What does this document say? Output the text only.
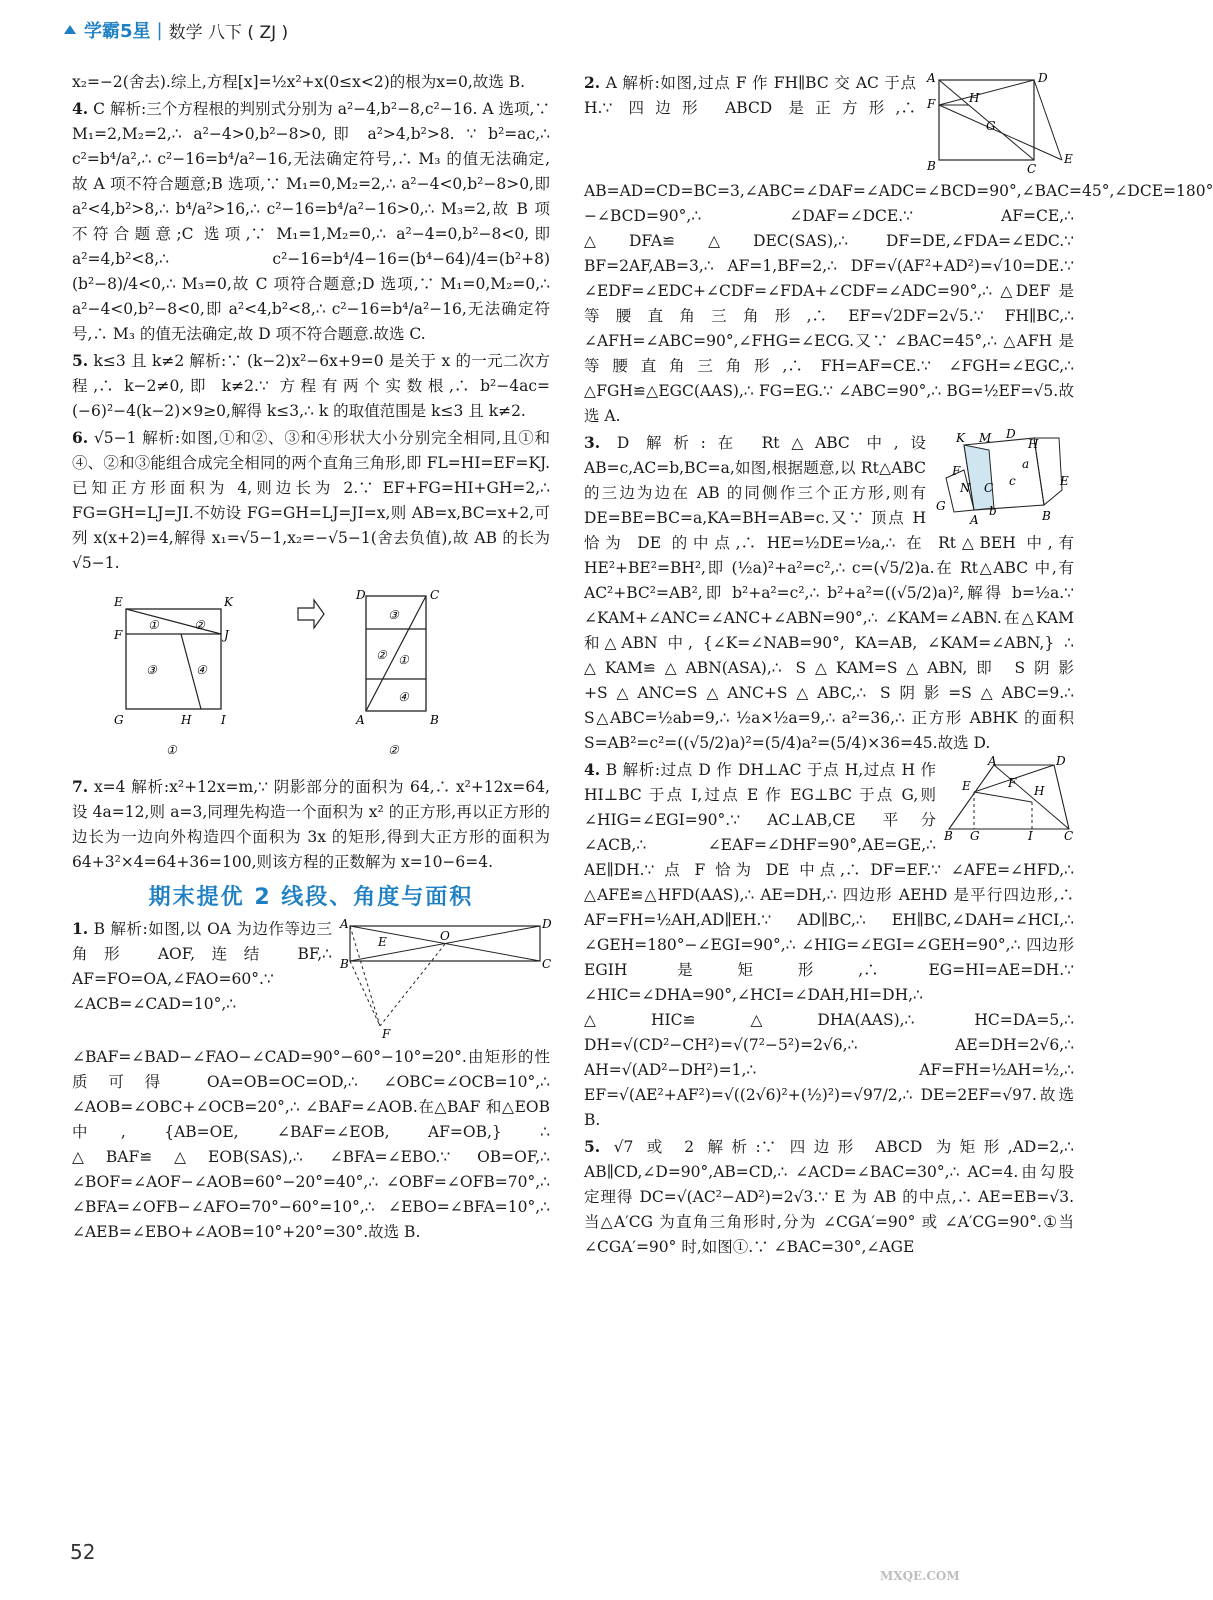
学霸5星 | 数学 八下 ( ZJ )

x₂=−2(舍去).综上,方程[x]=½x²+x(0≤x<2)的根为x=0,故选 B.

4. C 解析:三个方程根的判别式分别为 a²−4,b²−8,c²−16. A 选项,∵ M₁=2,M₂=2,∴ a²−4>0,b²−8>0,即 a²>4,b²>8. ∵ b²=ac,∴ c²=b⁴/a²,∴ c²−16=b⁴/a²−16,无法确定符号,∴ M₃ 的值无法确定,故 A 项不符合题意;B 选项,∵ M₁=0,M₂=2,∴ a²−4<0,b²−8>0,即 a²<4,b²>8,∴ b⁴/a²>16,∴ c²−16=b⁴/a²−16>0,∴ M₃=2,故 B 项不符合题意;C 选项,∵ M₁=1,M₂=0,∴ a²−4=0,b²−8<0,即 a²=4,b²<8,∴ c²−16=b⁴/4−16=(b⁴−64)/4=(b²+8)(b²−8)/4<0,∴ M₃=0,故 C 项符合题意;D 选项,∵ M₁=0,M₂=0,∴ a²−4<0,b²−8<0,即 a²<4,b²<8,∴ c²−16=b⁴/a²−16,无法确定符号,∴ M₃ 的值无法确定,故 D 项不符合题意.故选 C.

5. k≤3 且 k≠2 解析:∵ (k−2)x²−6x+9=0 是关于 x 的一元二次方程,∴ k−2≠0,即 k≠2.∵ 方程有两个实数根,∴ b²−4ac=(−6)²−4(k−2)×9≥0,解得 k≤3,∴ k 的取值范围是 k≤3 且 k≠2.

6. √5−1 解析:如图,①和②、③和④形状大小分别完全相同,且①和④、②和③能组合成完全相同的两个直角三角形,即 FL=HI=EF=KJ.已知正方形面积为 4,则边长为 2.∵ EF+FG=HI+GH=2,∴ FG=GH=LJ=JI.不妨设 FG=GH=LJ=JI=x,则 AB=x,BC=x+2,可列 x(x+2)=4,解得 x₁=√5−1,x₂=−√5−1(舍去负值),故 AB 的长为√5−1.

E	K
F	J
G	H I
①	②
③	④
①
D	C
A	B
③
② ①
④
②

7. x=4 解析:x²+12x=m,∵ 阴影部分的面积为 64,∴ x²+12x=64,设 4a=12,则 a=3,同理先构造一个面积为 x² 的正方形,再以正方形的边长为一边向外构造四个面积为 3x 的矩形,得到大正方形的面积为 64+3²×4=64+36=100,则该方程的正数解为 x=10−6=4.

期末提优 2 线段、角度与面积
A	D
B	C
O
E
F

1. B 解析:如图,以 OA 为边作等边三角形 AOF,连结 BF,∴ AF=FO=OA,∠FAO=60°.∵ ∠ACB=∠CAD=10°,∴ ∠BAF=∠BAD−∠FAO−∠CAD=90°−60°−10°=20°.由矩形的性质可得 OA=OB=OC=OD,∴ ∠OBC=∠OCB=10°,∴ ∠AOB=∠OBC+∠OCB=20°,∴ ∠BAF=∠AOB.在△BAF 和△EOB 中, {AB=OE, ∠BAF=∠EOB, AF=OB,} ∴ △BAF≌△EOB(SAS),∴ ∠BFA=∠EBO.∵ OB=OF,∴ ∠BOF=∠AOF−∠AOB=60°−20°=40°,∴ ∠OBF=∠OFB=70°,∴ ∠BFA=∠OFB−∠AFO=70°−60°=10°,∴ ∠EBO=∠BFA=10°,∴ ∠AEB=∠EBO+∠AOB=10°+20°=30°.故选 B.

A	D
F	H
G
B	C
E

2. A 解析:如图,过点 F 作 FH∥BC 交 AC 于点 H.∵ 四边形 ABCD 是正方形,∴ AB=AD=CD=BC=3,∠ABC=∠DAF=∠ADC=∠BCD=90°,∠BAC=45°,∠DCE=180°−∠BCD=90°,∴ ∠DAF=∠DCE.∵ AF=CE,∴ △DFA≌△DEC(SAS),∴ DF=DE,∠FDA=∠EDC.∵ BF=2AF,AB=3,∴ AF=1,BF=2,∴ DF=√(AF²+AD²)=√10=DE.∵ ∠EDF=∠EDC+∠CDF=∠FDA+∠CDF=∠ADC=90°,∴ △DEF 是等腰直角三角形,∴ EF=√2DF=2√5.∵ FH∥BC,∴ ∠AFH=∠ABC=90°,∠FHG=∠ECG.又∵ ∠BAC=45°,∴ △AFH 是等腰直角三角形,∴ FH=AF=CE.∵ ∠FGH=∠EGC,∴ △FGH≌△EGC(AAS),∴ FG=EG.∵ ∠ABC=90°,∴ BG=½EF=√5.故选 A.

K M D
H
E
F
N C
G
A	B
c
b
a

3. D 解析:在 Rt△ABC 中,设 AB=c,AC=b,BC=a,如图,根据题意,以 Rt△ABC 的三边为边在 AB 的同侧作三个正方形,则有 DE=BE=BC=a,KA=BH=AB=c.又∵ 顶点 H 恰为 DE 的中点,∴ HE=½DE=½a,∴ 在 Rt△BEH 中,有 HE²+BE²=BH²,即 (½a)²+a²=c²,∴ c=(√5/2)a.在 Rt△ABC 中,有 AC²+BC²=AB²,即 b²+a²=c²,∴ b²+a²=((√5/2)a)²,解得 b=½a.∵ ∠KAM+∠ANC=∠ANC+∠ABN=90°,∴ ∠KAM=∠ABN.在△KAM 和△ABN 中, {∠K=∠NAB=90°, KA=AB, ∠KAM=∠ABN,} ∴ △KAM≌△ABN(ASA),∴ S△KAM=S△ABN,即 S阴影+S△ANC=S△ANC+S△ABC,∴ S阴影=S△ABC=9.∴ S△ABC=½ab=9,∴ ½a×½a=9,∴ a²=36,∴ 正方形 ABHK 的面积 S=AB²=c²=((√5/2)a)²=(5/4)a²=(5/4)×36=45.故选 D.

A	D
E	F
H
B G	I	C

4. B 解析:过点 D 作 DH⊥AC 于点 H,过点 H 作 HI⊥BC 于点 I,过点 E 作 EG⊥BC 于点 G,则 ∠HIG=∠EGI=90°.∵ AC⊥AB,CE 平分 ∠ACB,∴ ∠EAF=∠DHF=90°,AE=GE,∴ AE∥DH.∵ 点 F 恰为 DE 中点,∴ DF=EF.∵ ∠AFE=∠HFD,∴ △AFE≌△HFD(AAS),∴ AE=DH,∴ 四边形 AEHD 是平行四边形,∴ AF=FH=½AH,AD∥EH.∵ AD∥BC,∴ EH∥BC,∠DAH=∠HCI,∴ ∠GEH=180°−∠EGI=90°,∴ ∠HIG=∠EGI=∠GEH=90°,∴ 四边形 EGIH 是矩形,∴ EG=HI=AE=DH.∵ ∠HIC=∠DHA=90°,∠HCI=∠DAH,HI=DH,∴ △HIC≌△DHA(AAS),∴ HC=DA=5,∴ DH=√(CD²−CH²)=√(7²−5²)=2√6,∴ AE=DH=2√6,∴ AH=√(AD²−DH²)=1,∴ AF=FH=½AH=½,∴ EF=√(AE²+AF²)=√((2√6)²+(½)²)=√97/2,∴ DE=2EF=√97.故选 B.

5. √7 或 2 解析:∵ 四边形 ABCD 为矩形,AD=2,∴ AB∥CD,∠D=90°,AB=CD,∴ ∠ACD=∠BAC=30°,∴ AC=4.由勾股定理得 DC=√(AC²−AD²)=2√3.∵ E 为 AB 的中点,∴ AE=EB=√3.当△A′CG 为直角三角形时,分为 ∠CGA′=90° 或 ∠A′CG=90°.①当 ∠CGA′=90° 时,如图①.∵ ∠BAC=30°,∠AGE

52
MXQE.COM
